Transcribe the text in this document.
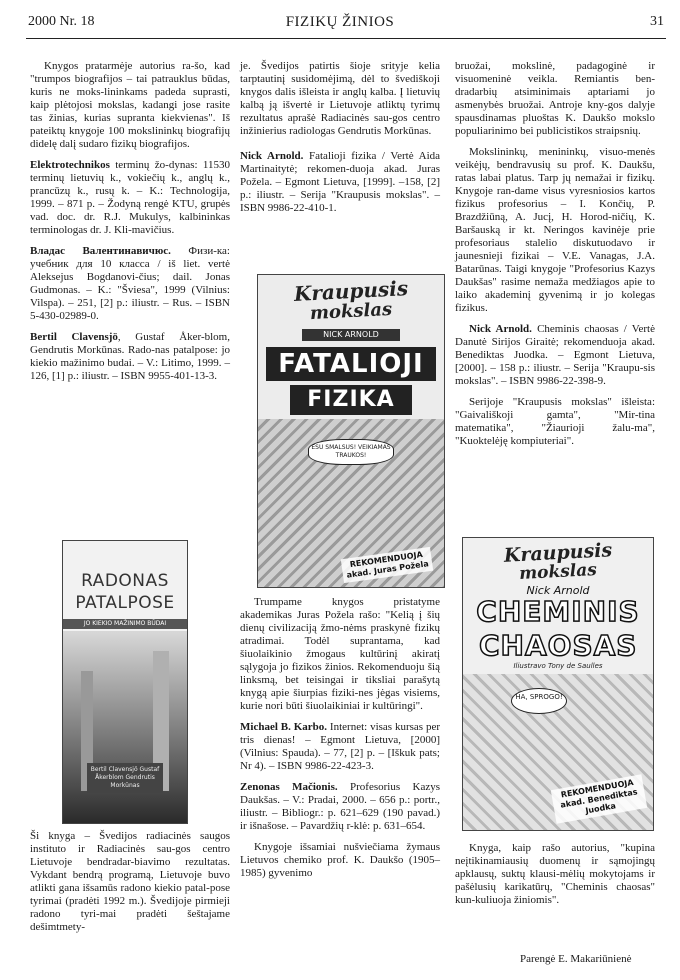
2000 Nr. 18	FIZIKŲ ŽINIOS	31

Knygos pratarmėje autorius ra-šo, kad "trumpos biografijos – tai patrauklus būdas, kuris ne moks-lininkams padeda suprasti, kaip plėtojosi mokslas, kadangi jose rasite tas žinias, kurias supranta kiekvienas". Iš pateiktų knygoje 100 mokslininkų biografijų didelę dalį sudaro fizikų biografijos.

Elektrotechnikos terminų žo-dynas: 11530 terminų lietuvių k., vokiečių k., anglų k., prancūzų k., rusų k. – K.: Technologija, 1999. – 871 p. – Žodyną rengė KTU, grupės vad. doc. dr. R.J. Mukulys, kalbininkas terminologas dr. J. Kli-mavičius.

Владас Валентинавичюс. Физи-ка: учебник для 10 класса / iš liet. vertė Aleksejus Bogdanovi-čius; dail. Jonas Gudmonas. – K.: "Šviesa", 1999 (Vilnius: Vilspa). – 251, [2] p.: iliustr. – Rus. – ISBN 5-430-02989-0.

Bertil Clavensjö, Gustaf Åker-blom, Gendrutis Morkūnas. Rado-nas patalpose: jo kiekio mažinimo budai. – V.: Litimo, 1999. – 126, [1] p.: iliustr. – ISBN 9955-401-13-3.

Ši knyga – Švedijos radiacinės saugos instituto ir Radiacinės sau-gos centro Lietuvoje bendradar-biavimo rezultatas. Vykdant bendrą programą, Lietuvoje buvo atlikti gana išsamūs radono kiekio patal-pose tyrimai (pradėti 1992 m.). Švedijoje pirmieji radono tyri-mai pradėti šeštajame dešimtmety-

RADONAS
PATALPOSE
JO KIEKIO MAŽINIMO BŪDAI
Bertil Clavensjö Gustaf Åkerblom Gendrutis Morkūnas

je. Švedijos patirtis šioje srityje kelia tarptautinį susidomėjimą, dėl to švediškoji knygos dalis išleista ir anglų kalba. Į lietuvių kalbą ją išvertė ir Lietuvoje atliktų tyrimų rezultatus aprašė Radiacinės sau-gos centro inžinierius radiologas Gendrutis Morkūnas.

Nick Arnold. Fatalioji fizika / Vertė Aida Martinaitytė; rekomen-duoja akad. Juras Požela. – Egmont Lietuva, [1999]. –158, [2] p.: iliustr. – Serija "Kraupusis mokslas". – ISBN 9986-22-410-1.

Kraupusis
mokslas
NICK ARNOLD
FATALIOJI
FIZIKA
ESU SMALSUS! VEIKIAMAS TRAUKOS!
REKOMENDUOJA akad. Juras Požela

Trumpame knygos pristatyme akademikas Juras Požela rašo: "Kelią į šių dienų civilizaciją žmo-nėms praskynė fizikų atradimai. Todėl suprantama, kad šiuolaikinio žmogaus kultūrinį akiratį sąlygoja jo fizikos žinios. Rekomenduoju šią linksmą, bet teisingai ir tiksliai parašytą knygą apie šiurpias fiziki-nes jėgas visiems, kurie nori būti šiuolaikiniai ir kultūringi".

Michael B. Karbo. Internet: visas kursas per tris dienas! – Egmont Lietuva, [2000] (Vilnius: Spauda). – 77, [2] p. – [Iškuk pats; Nr 4). – ISBN 9986-22-423-3.

Zenonas Mačionis. Profesorius Kazys Daukšas. – V.: Pradai, 2000. – 656 p.: portr., iliustr. – Bibliogr.: p. 621–629 (190 pavad.) ir išnašose. – Pavardžių r-klė: p. 631–654.

Knygoje išsamiai nušviečiama žymaus Lietuvos chemiko prof. K. Daukšo (1905–1985) gyvenimo

bruožai, mokslinė, padagoginė ir visuomeninė veikla. Remiantis ben-dradarbių atsiminimais aptariami jo asmenybės bruožai. Antroje kny-gos dalyje spausdinamas pluoštas K. Daukšo mokslo populiarinimo bei publicistikos straipsnių.

Mokslininkų, menininkų, visuo-menės veikėjų, bendravusių su prof. K. Daukšu, ratas labai platus. Tarp jų nemažai ir fizikų. Knygoje ran-dame visus vyresniosios kartos fizikus profesorius – I. Končių, P. Brazdžiūną, A. Jucį, H. Horod-ničių, K. Baršauską ir kt. Neringos kavinėje prie profesoriaus stalelio diskutuodavo ir jaunesnieji fizikai – V.E. Vanagas, J.A. Batarūnas. Taigi knygoje "Profesorius Kazys Daukšas" rasime nemaža medžiagos apie to laiko akademinį gyvenimą ir jo kolegas fizikus.

Nick Arnold. Cheminis chaosas / Vertė Danutė Sirijos Giraitė; rekomenduoja akad. Benediktas Juodka. – Egmont Lietuva, [2000]. – 158 p.: iliustr. – Serija "Kraupu-sis mokslas". – ISBN 9986-22-398-9.

Serijoje "Kraupusis mokslas" išleista: "Gaivališkoji gamta", "Mir-tina matematika", "Žiaurioji žalu-ma", "Kuoktelėję kompiuteriai".

Kraupusis
mokslas
Nick Arnold
CHEMINIS
CHAOSAS
Iliustravo Tony de Saulles
HA, SPROGO!
REKOMENDUOJA akad. Benediktas Juodka

Knyga, kaip rašo autorius, "kupina neįtikinamiausių duomenų ir sąmojingų apklausų, suktų klausi-mėlių mokytojams ir pašėlusių karikatūrų, "Cheminis chaosas" kun-kuliuoja žiniomis".

Parengė E. Makariūnienė
